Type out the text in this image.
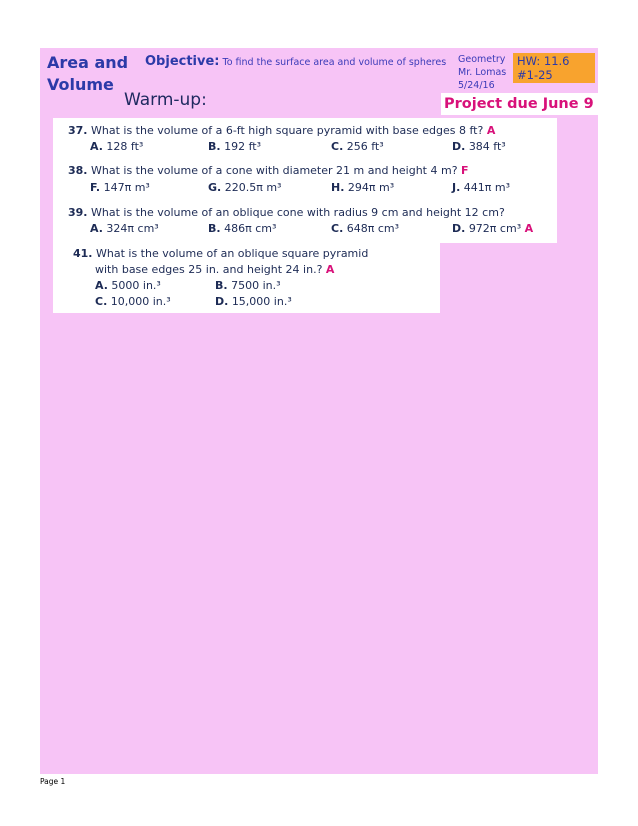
Area and
Volume
Objective: To find the surface area and volume of spheres Geometry
Mr. Lomas
5/24/16
HW: 11.6
#1-25
Warm-up:	Project due June 9
37. What is the volume of a 6-ft high square pyramid with base edges 8 ft? A
A. 128 ft³	B. 192 ft³	C. 256 ft³	D. 384 ft³
38. What is the volume of a cone with diameter 21 m and height 4 m? F
F. 147π m³	G. 220.5π m³	H. 294π m³	J. 441π m³
39. What is the volume of an oblique cone with radius 9 cm and height 12 cm?
A. 324π cm³	B. 486π cm³	C. 648π cm³	D. 972π cm³ A
41. What is the volume of an oblique square pyramid
with base edges 25 in. and height 24 in.? A
A. 5000 in.³	B. 7500 in.³
C. 10,000 in.³	D. 15,000 in.³
Page 1
